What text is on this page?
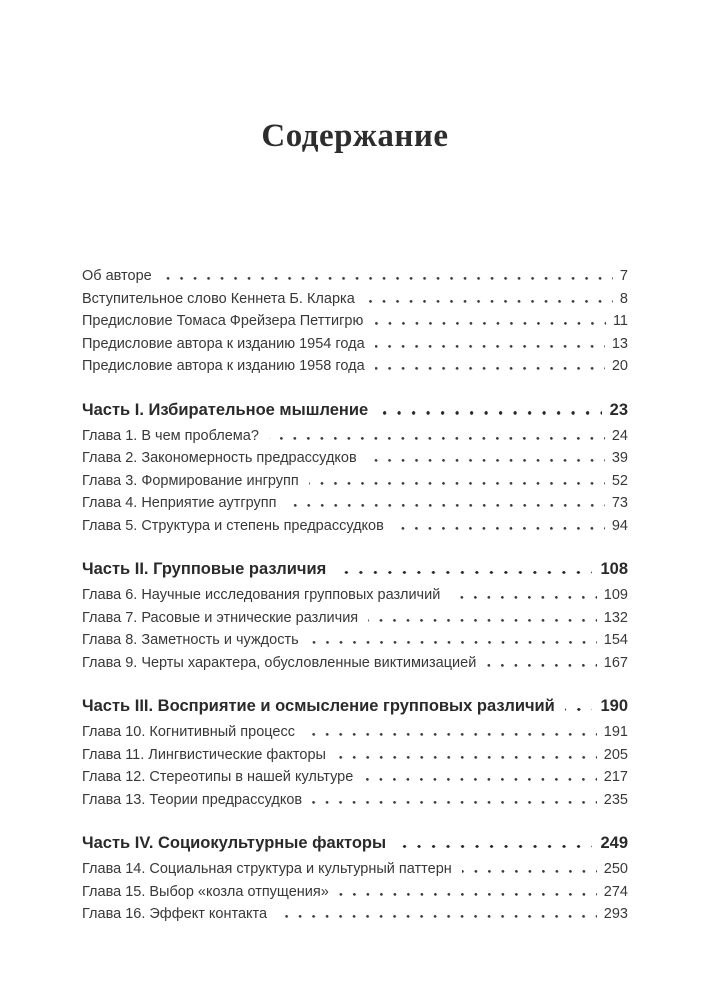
Содержание
Об авторе	7
Вступительное слово Кеннета Б. Кларка	8
Предисловие Томаса Фрейзера Петтигрю	11
Предисловие автора к изданию 1954 года	13
Предисловие автора к изданию 1958 года	20
Часть I. Избирательное мышление	23
Глава 1. В чем проблема?	24
Глава 2. Закономерность предрассудков	39
Глава 3. Формирование ингрупп	52
Глава 4. Неприятие аутгрупп	73
Глава 5. Структура и степень предрассудков	94
Часть II. Групповые различия	108
Глава 6. Научные исследования групповых различий	109
Глава 7. Расовые и этнические различия	132
Глава 8. Заметность и чуждость	154
Глава 9. Черты характера, обусловленные виктимизацией	167
Часть III. Восприятие и осмысление групповых различий	190
Глава 10. Когнитивный процесс	191
Глава 11. Лингвистические факторы	205
Глава 12. Стереотипы в нашей культуре	217
Глава 13. Теории предрассудков	235
Часть IV. Социокультурные факторы	249
Глава 14. Социальная структура и культурный паттерн	250
Глава 15. Выбор «козла отпущения»	274
Глава 16. Эффект контакта	293
